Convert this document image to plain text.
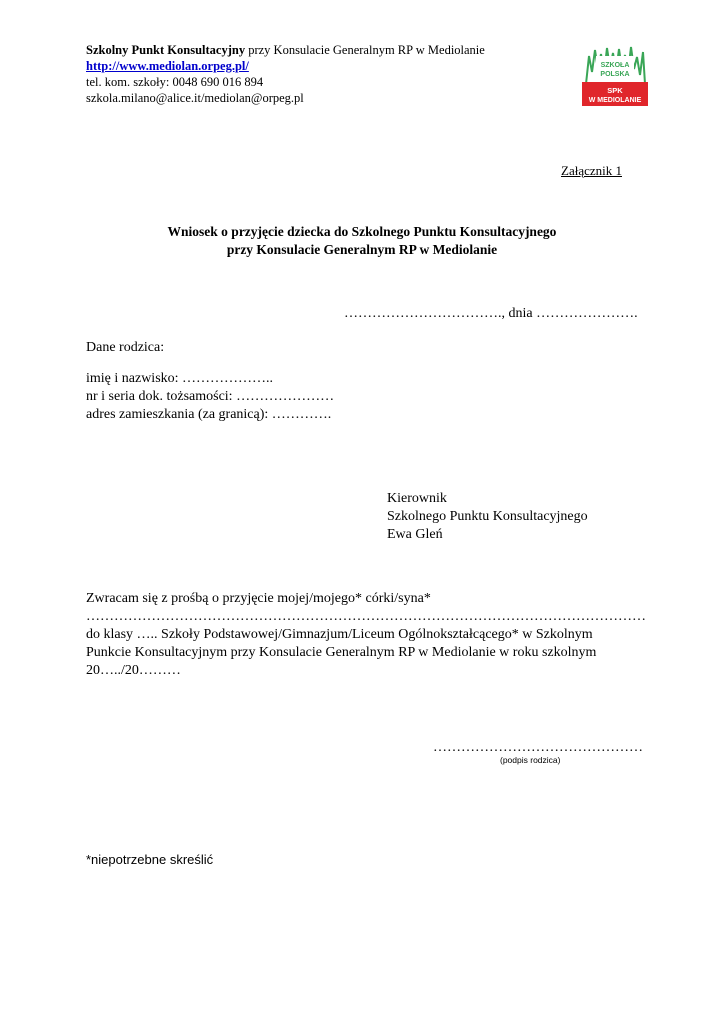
Szkolny Punkt Konsultacyjny przy Konsulacie Generalnym RP w Mediolanie
http://www.mediolan.orpeg.pl/
tel. kom. szkoły: 0048 690 016 894
szkola.milano@alice.it/mediolan@orpeg.pl
SZKOŁA
POLSKA
SPK
W MEDIOLANIE
Załącznik 1
Wniosek o przyjęcie dziecka do Szkolnego Punktu Konsultacyjnego
przy Konsulacie Generalnym RP w Mediolanie
……………………………., dnia ………………….
Dane rodzica:
imię i nazwisko: ………………..
nr i seria dok. tożsamości: …………………
adres zamieszkania (za granicą): ………….
Kierownik
Szkolnego Punktu Konsultacyjnego
Ewa Gleń
Zwracam się z prośbą o przyjęcie mojej/mojego* córki/syna*
…………………………………………………………………………………………………………
do klasy ….. Szkoły Podstawowej/Gimnazjum/Liceum Ogólnokształcącego* w Szkolnym
Punkcie Konsultacyjnym przy Konsulacie Generalnym RP w Mediolanie w roku szkolnym
20…../20………
………………………………………
(podpis rodzica)
*niepotrzebne skreślić
